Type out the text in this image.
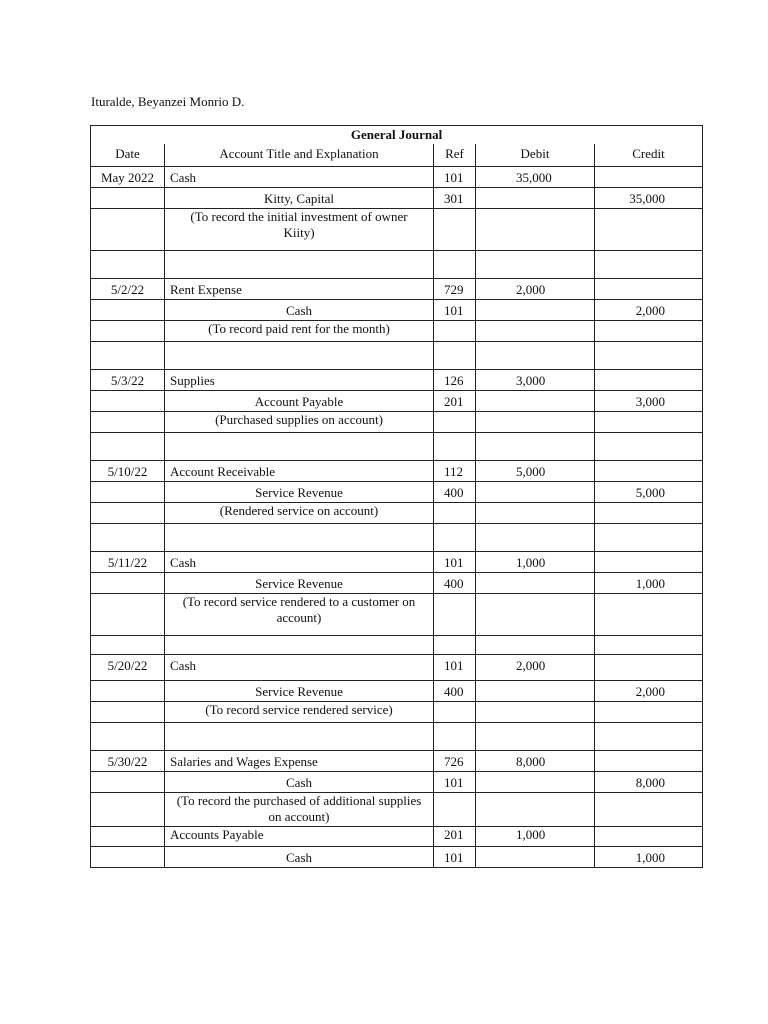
Ituralde, Beyanzei Monrio D.
General Journal				
Date	Account Title and Explanation	Ref	Debit	Credit
May 2022	Cash	101	35,000	
	Kitty, Capital	301		35,000
	(To record the initial investment of owner Kiity)			

5/2/22	Rent Expense	729	2,000	
	Cash	101		2,000
	(To record paid rent for the month)			

5/3/22	Supplies	126	3,000	
	Account Payable	201		3,000
	(Purchased supplies on account)			

5/10/22	Account Receivable	112	5,000	
	Service Revenue	400		5,000
	(Rendered service on account)			

5/11/22	Cash	101	1,000	
	Service Revenue	400		1,000
	(To record service rendered to a customer on account)			

5/20/22	Cash	101	2,000	
	Service Revenue	400		2,000
	(To record service rendered service)			

5/30/22	Salaries and Wages Expense	726	8,000	
	Cash	101		8,000
	(To record the purchased of additional supplies on account)			
	Accounts Payable	201	1,000	
	Cash	101		1,000
